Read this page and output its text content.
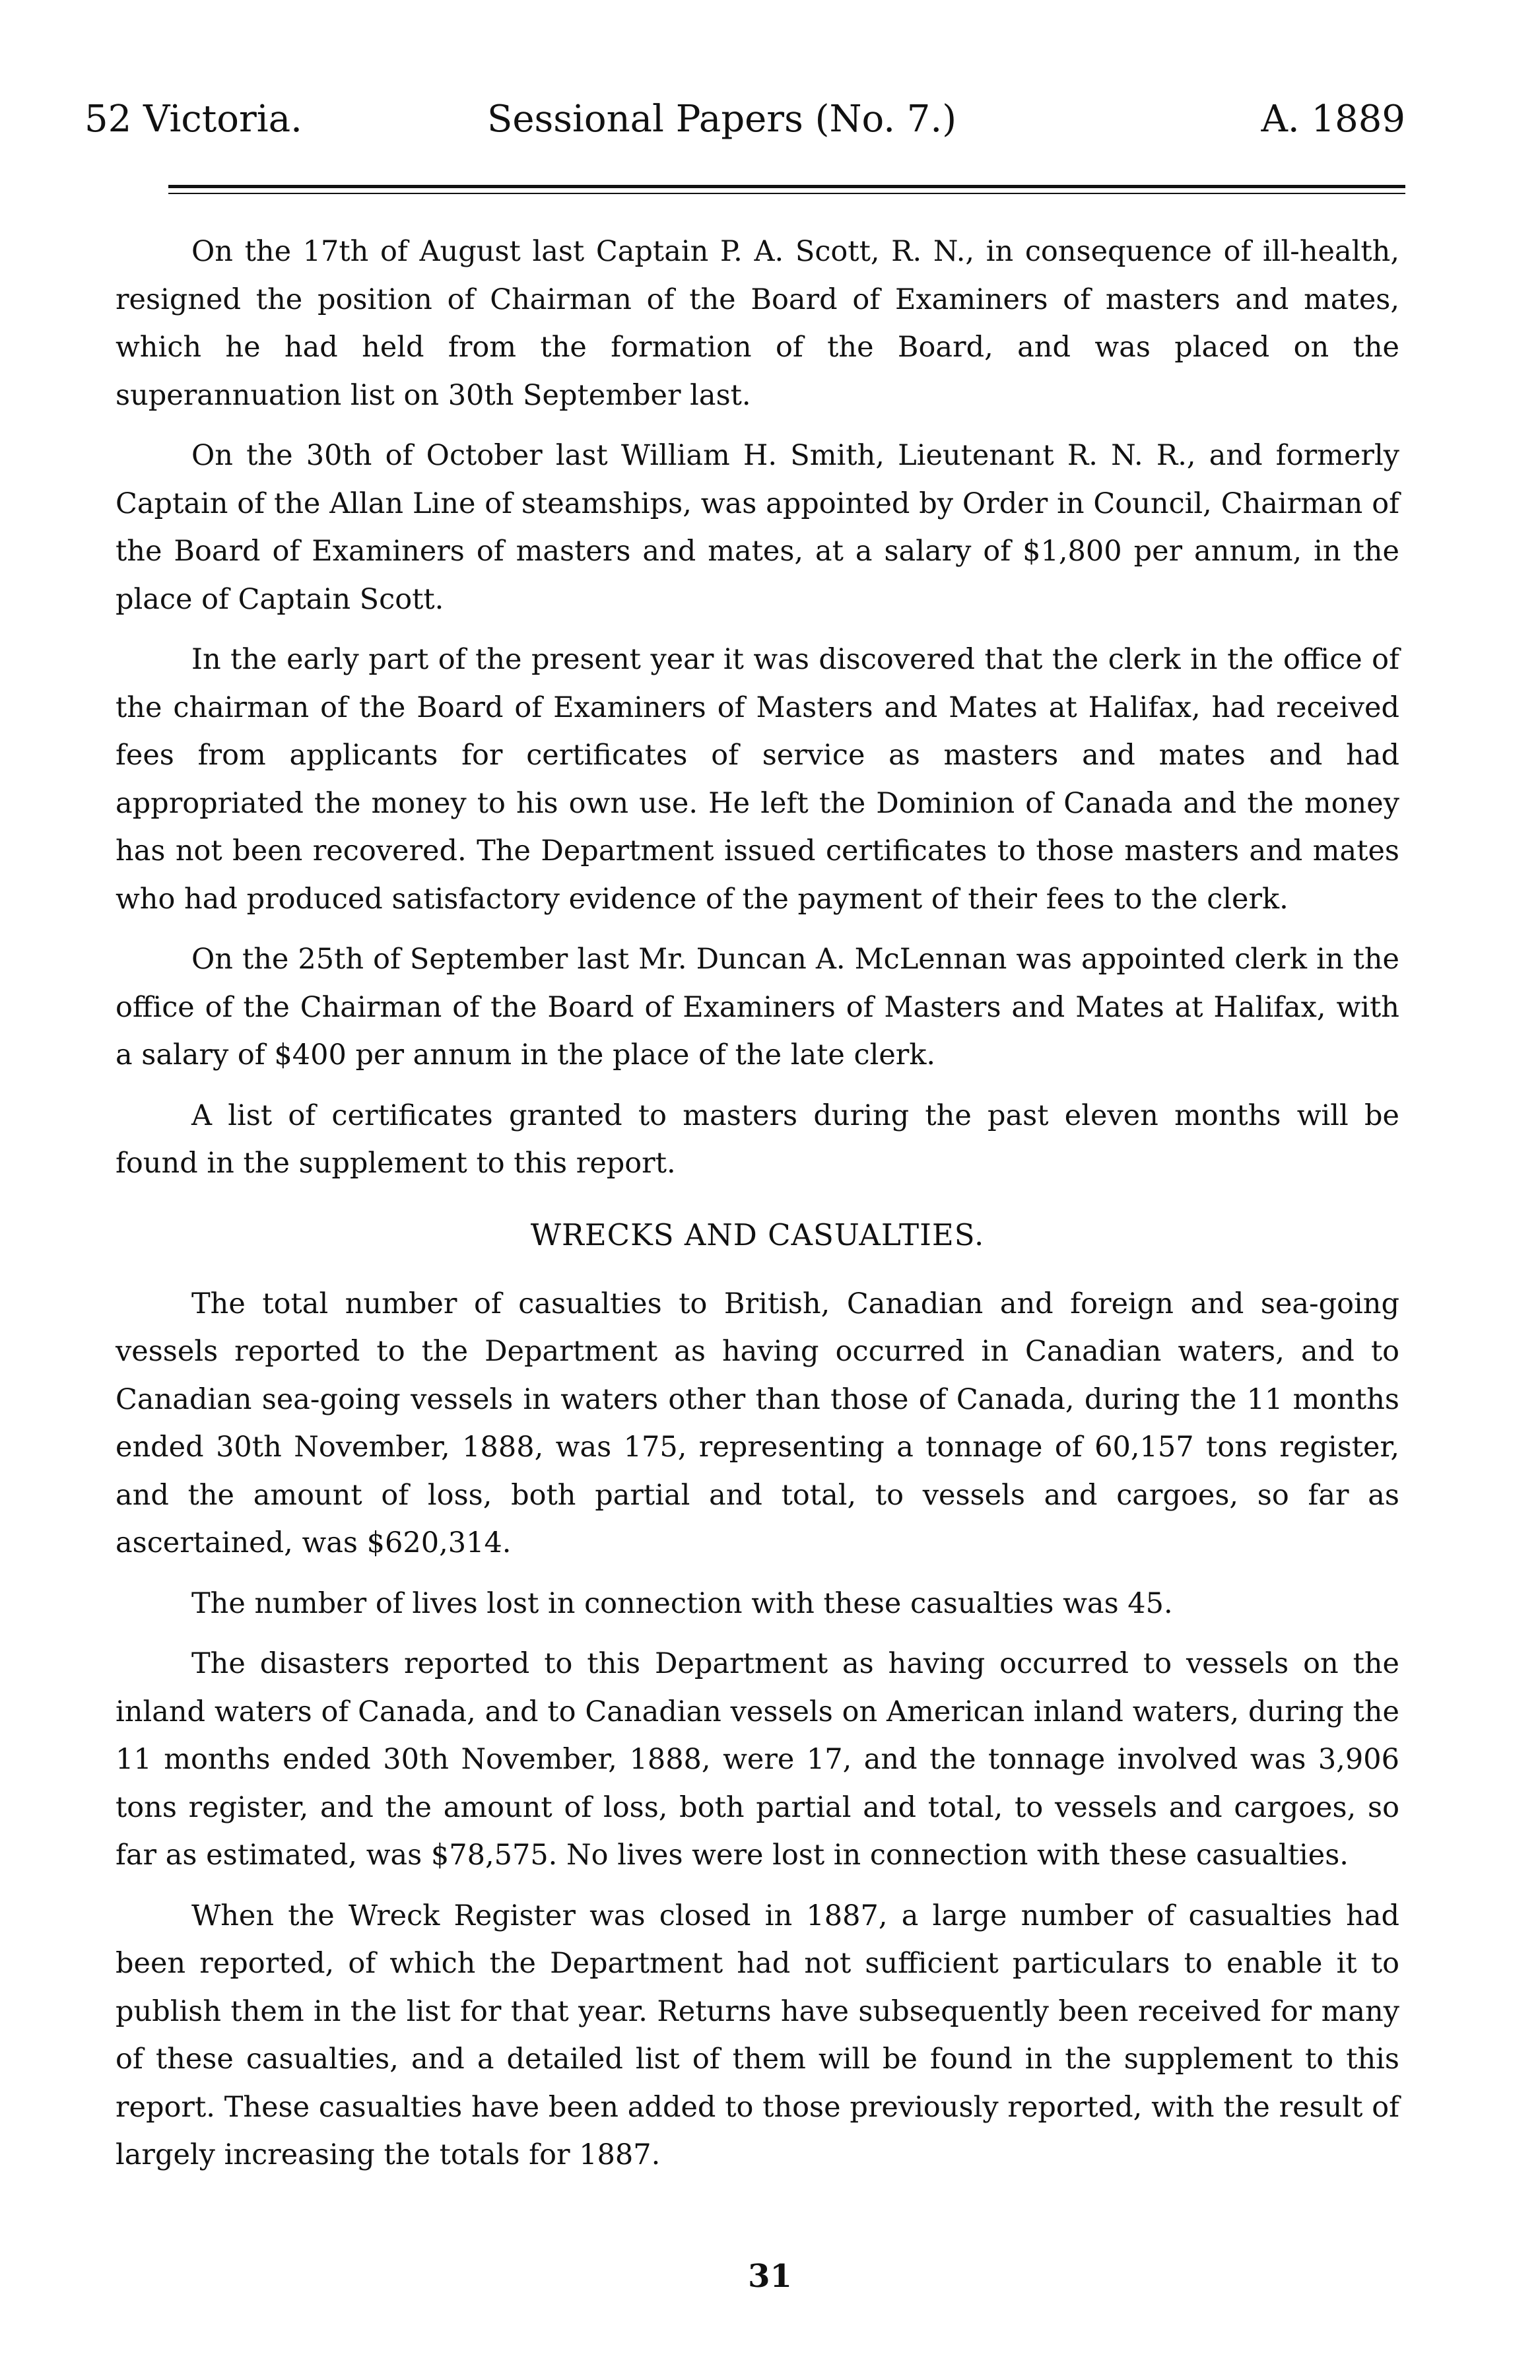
52 Victoria.	Sessional Papers (No. 7.)	A. 1889

On the 17th of August last Captain P. A. Scott, R. N., in consequence of ill-health, resigned the position of Chairman of the Board of Examiners of masters and mates, which he had held from the formation of the Board, and was placed on the superannuation list on 30th September last.

On the 30th of October last William H. Smith, Lieutenant R. N. R., and formerly Captain of the Allan Line of steamships, was appointed by Order in Council, Chairman of the Board of Examiners of masters and mates, at a salary of $1,800 per annum, in the place of Captain Scott.

In the early part of the present year it was discovered that the clerk in the office of the chairman of the Board of Examiners of Masters and Mates at Halifax, had received fees from applicants for certificates of service as masters and mates and had appropriated the money to his own use. He left the Dominion of Canada and the money has not been recovered. The Department issued certificates to those masters and mates who had produced satisfactory evidence of the payment of their fees to the clerk.

On the 25th of September last Mr. Duncan A. McLennan was appointed clerk in the office of the Chairman of the Board of Examiners of Masters and Mates at Halifax, with a salary of $400 per annum in the place of the late clerk.

A list of certificates granted to masters during the past eleven months will be found in the supplement to this report.

WRECKS AND CASUALTIES.

The total number of casualties to British, Canadian and foreign and sea-going vessels reported to the Department as having occurred in Canadian waters, and to Canadian sea-going vessels in waters other than those of Canada, during the 11 months ended 30th November, 1888, was 175, representing a tonnage of 60,157 tons register, and the amount of loss, both partial and total, to vessels and cargoes, so far as ascertained, was $620,314.

The number of lives lost in connection with these casualties was 45.

The disasters reported to this Department as having occurred to vessels on the inland waters of Canada, and to Canadian vessels on American inland waters, during the 11 months ended 30th November, 1888, were 17, and the tonnage involved was 3,906 tons register, and the amount of loss, both partial and total, to vessels and cargoes, so far as estimated, was $78,575. No lives were lost in connection with these casualties.

When the Wreck Register was closed in 1887, a large number of casualties had been reported, of which the Department had not sufficient particulars to enable it to publish them in the list for that year. Returns have subsequently been received for many of these casualties, and a detailed list of them will be found in the supplement to this report. These casualties have been added to those previously reported, with the result of largely increasing the totals for 1887.

31
